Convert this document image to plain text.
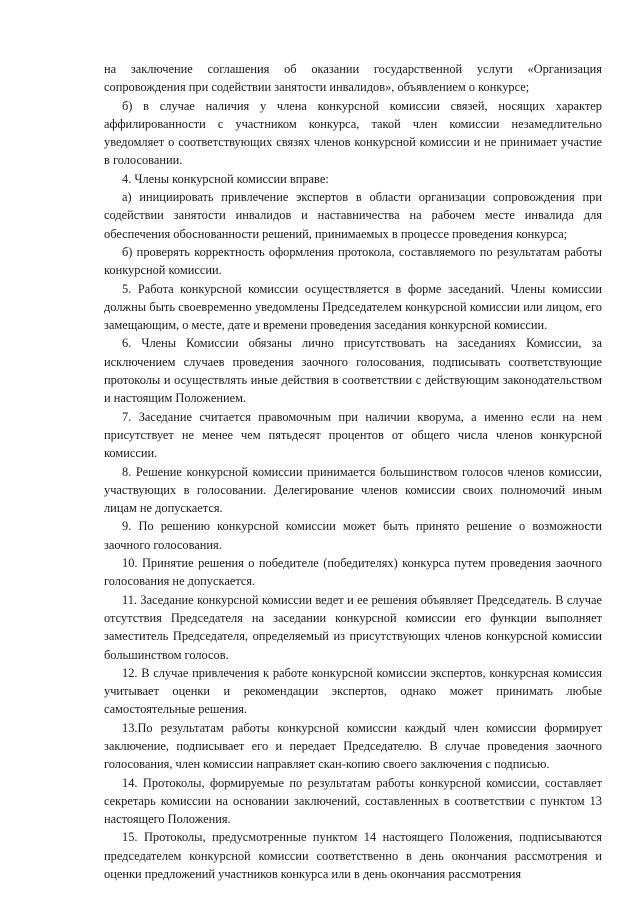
на заключение соглашения об оказании государственной услуги «Организация сопровождения при содействии занятости инвалидов», объявлением о конкурсе;

б) в случае наличия у члена конкурсной комиссии связей, носящих характер аффилированности с участником конкурса, такой член комиссии незамедлительно уведомляет о соответствующих связях членов конкурсной комиссии и не принимает участие в голосовании.

4. Члены конкурсной комиссии вправе:

а) инициировать привлечение экспертов в области организации сопровождения при содействии занятости инвалидов и наставничества на рабочем месте инвалида для обеспечения обоснованности решений, принимаемых в процессе проведения конкурса;

б) проверять корректность оформления протокола, составляемого по результатам работы конкурсной комиссии.

5. Работа конкурсной комиссии осуществляется в форме заседаний. Члены комиссии должны быть своевременно уведомлены Председателем конкурсной комиссии или лицом, его замещающим, о месте, дате и времени проведения заседания конкурсной комиссии.

6. Члены Комиссии обязаны лично присутствовать на заседаниях Комиссии, за исключением случаев проведения заочного голосования, подписывать соответствующие протоколы и осуществлять иные действия в соответствии с действующим законодательством и настоящим Положением.

7. Заседание считается правомочным при наличии кворума, а именно если на нем присутствует не менее чем пятьдесят процентов от общего числа членов конкурсной комиссии.

8. Решение конкурсной комиссии принимается большинством голосов членов комиссии, участвующих в голосовании. Делегирование членов комиссии своих полномочий иным лицам не допускается.

9. По решению конкурсной комиссии может быть принято решение о возможности заочного голосования.

10. Принятие решения о победителе (победителях) конкурса путем проведения заочного голосования не допускается.

11. Заседание конкурсной комиссии ведет и ее решения объявляет Председатель. В случае отсутствия Председателя на заседании конкурсной комиссии его функции выполняет заместитель Председателя, определяемый из присутствующих членов конкурсной комиссии большинством голосов.

12. В случае привлечения к работе конкурсной комиссии экспертов, конкурсная комиссия учитывает оценки и рекомендации экспертов, однако может принимать любые самостоятельные решения.

13.По результатам работы конкурсной комиссии каждый член комиссии формирует заключение, подписывает его и передает Председателю. В случае проведения заочного голосования, член комиссии направляет скан-копию своего заключения с подписью.

14. Протоколы, формируемые по результатам работы конкурсной комиссии, составляет секретарь комиссии на основании заключений, составленных в соответствии с пунктом 13 настоящего Положения.

15. Протоколы, предусмотренные пунктом 14 настоящего Положения, подписываются председателем конкурсной комиссии соответственно в день окончания рассмотрения и оценки предложений участников конкурса или в день окончания рассмотрения
